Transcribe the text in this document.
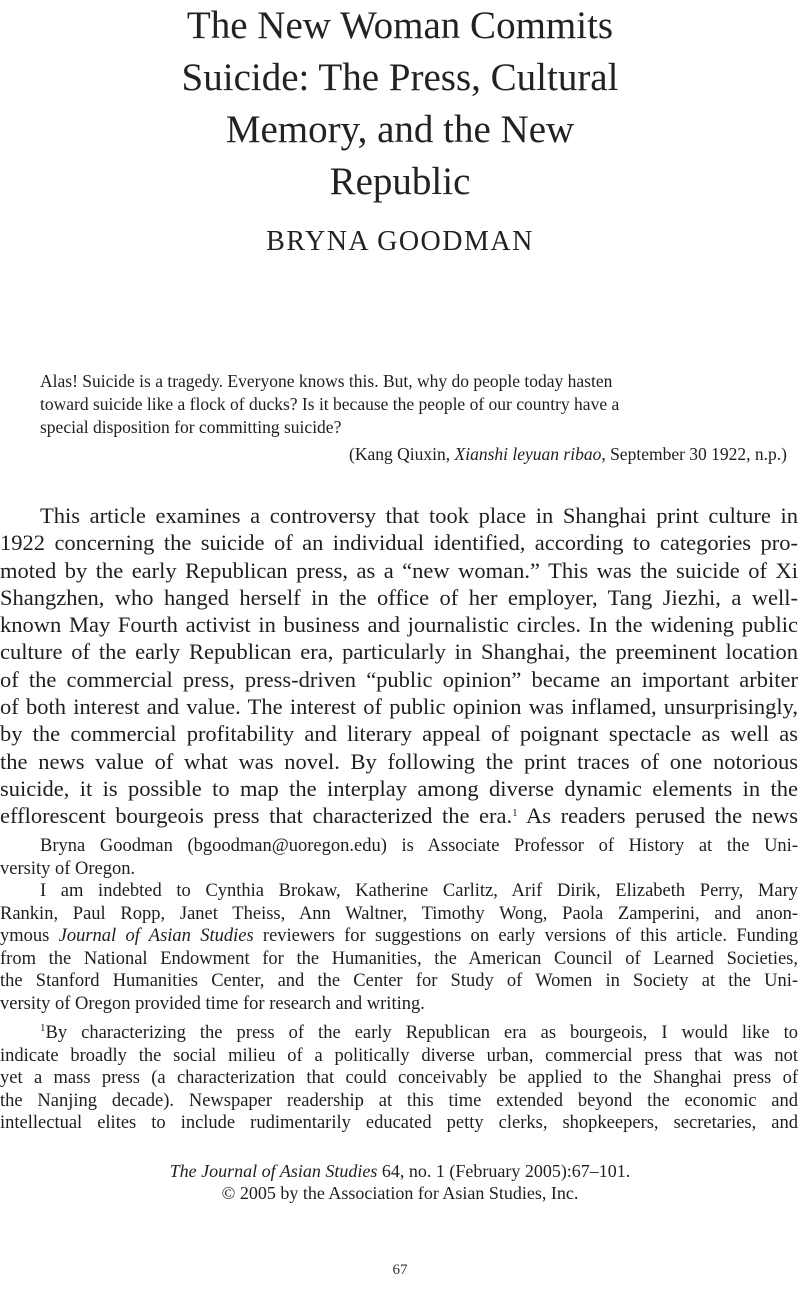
The New Woman Commits
Suicide: The Press, Cultural
Memory, and the New
Republic
BRYNA GOODMAN
Alas! Suicide is a tragedy. Everyone knows this. But, why do people today hasten
toward suicide like a flock of ducks? Is it because the people of our country have a
special disposition for committing suicide?
(Kang Qiuxin, Xianshi leyuan ribao, September 30 1922, n.p.)
This article examines a controversy that took place in Shanghai print culture in
1922 concerning the suicide of an individual identified, according to categories pro-
moted by the early Republican press, as a “new woman.” This was the suicide of Xi
Shangzhen, who hanged herself in the office of her employer, Tang Jiezhi, a well-
known May Fourth activist in business and journalistic circles. In the widening public
culture of the early Republican era, particularly in Shanghai, the preeminent location
of the commercial press, press-driven “public opinion” became an important arbiter
of both interest and value. The interest of public opinion was inflamed, unsurprisingly,
by the commercial profitability and literary appeal of poignant spectacle as well as
the news value of what was novel. By following the print traces of one notorious
suicide, it is possible to map the interplay among diverse dynamic elements in the
efflorescent bourgeois press that characterized the era.$^1$ As readers perused the news
Bryna Goodman (bgoodman@uoregon.edu) is Associate Professor of History at the Uni-
versity of Oregon.
I am indebted to Cynthia Brokaw, Katherine Carlitz, Arif Dirik, Elizabeth Perry, Mary
Rankin, Paul Ropp, Janet Theiss, Ann Waltner, Timothy Wong, Paola Zamperini, and anon-
ymous Journal of Asian Studies reviewers for suggestions on early versions of this article. Funding
from the National Endowment for the Humanities, the American Council of Learned Societies,
the Stanford Humanities Center, and the Center for Study of Women in Society at the Uni-
versity of Oregon provided time for research and writing.
$^1$By characterizing the press of the early Republican era as bourgeois, I would like to
indicate broadly the social milieu of a politically diverse urban, commercial press that was not
yet a mass press (a characterization that could conceivably be applied to the Shanghai press of
the Nanjing decade). Newspaper readership at this time extended beyond the economic and
intellectual elites to include rudimentarily educated petty clerks, shopkeepers, secretaries, and
The Journal of Asian Studies 64, no. 1 (February 2005):67–101.
© 2005 by the Association for Asian Studies, Inc.
67
